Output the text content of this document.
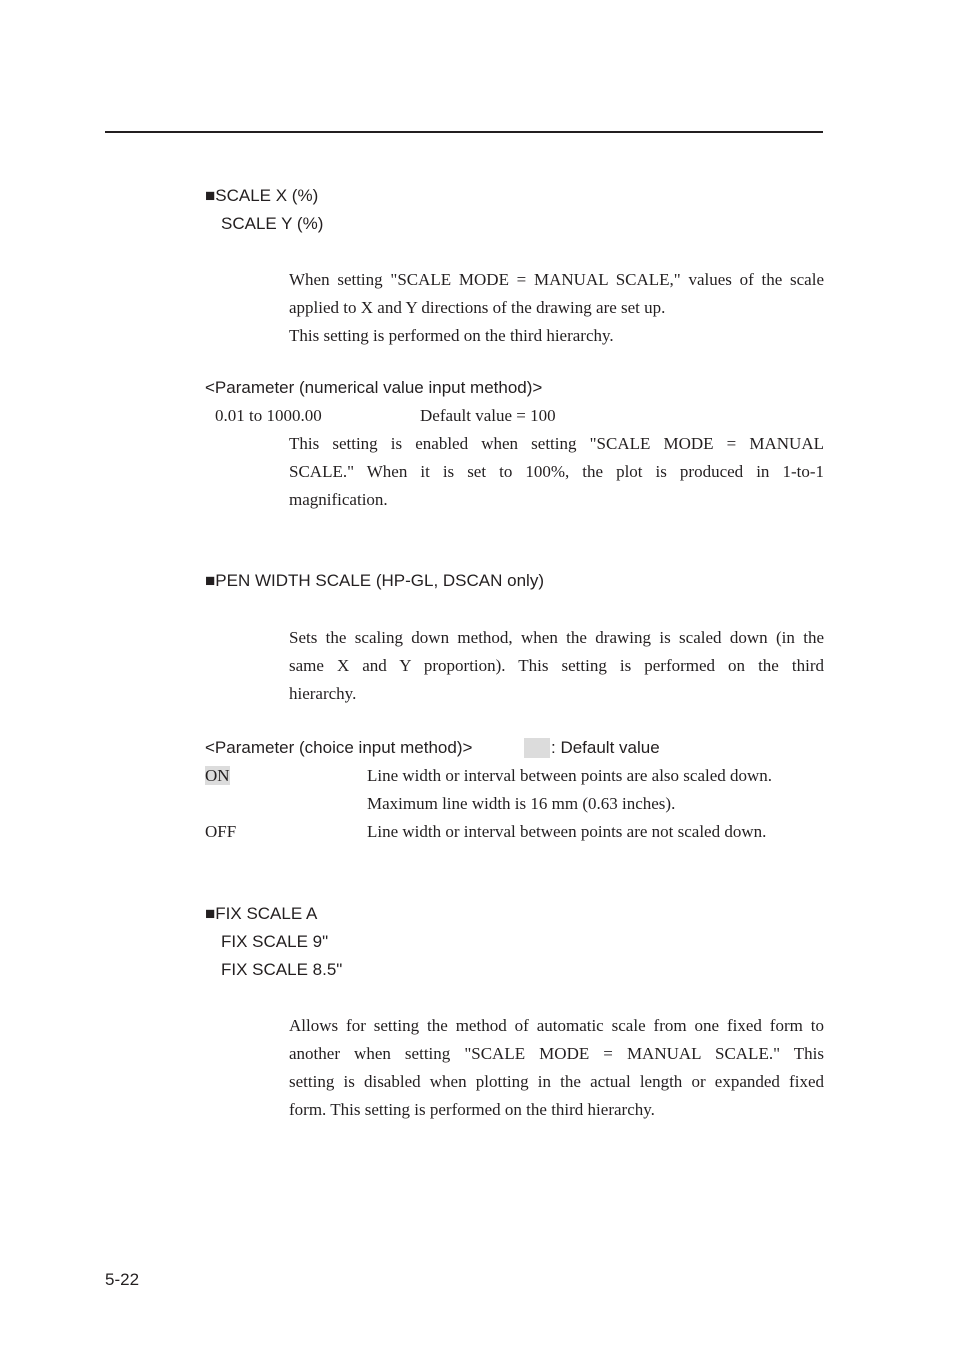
■SCALE X (%)
SCALE Y (%)
When setting "SCALE MODE = MANUAL SCALE," values of the scale
applied to X and Y directions of the drawing are set up.
This setting is performed on the third hierarchy.
<Parameter (numerical value input method)>
0.01 to 1000.00	Default value = 100
This setting is enabled when setting "SCALE MODE = MANUAL
SCALE." When it is set to 100%, the plot is produced in 1-to-1
magnification.
■PEN WIDTH SCALE (HP-GL, DSCAN only)
Sets the scaling down method, when the drawing is scaled down (in the
same X and Y proportion). This setting is performed on the third
hierarchy.
<Parameter (choice input method)>	: Default value
ON	Line width or interval between points are also scaled down.
Maximum line width is 16 mm (0.63 inches).
OFF	Line width or interval between points are not scaled down.
■FIX SCALE A
FIX SCALE 9"
FIX SCALE 8.5"
Allows for setting the method of automatic scale from one fixed form to
another when setting "SCALE MODE = MANUAL SCALE." This
setting is disabled when plotting in the actual length or expanded fixed
form. This setting is performed on the third hierarchy.
5-22
